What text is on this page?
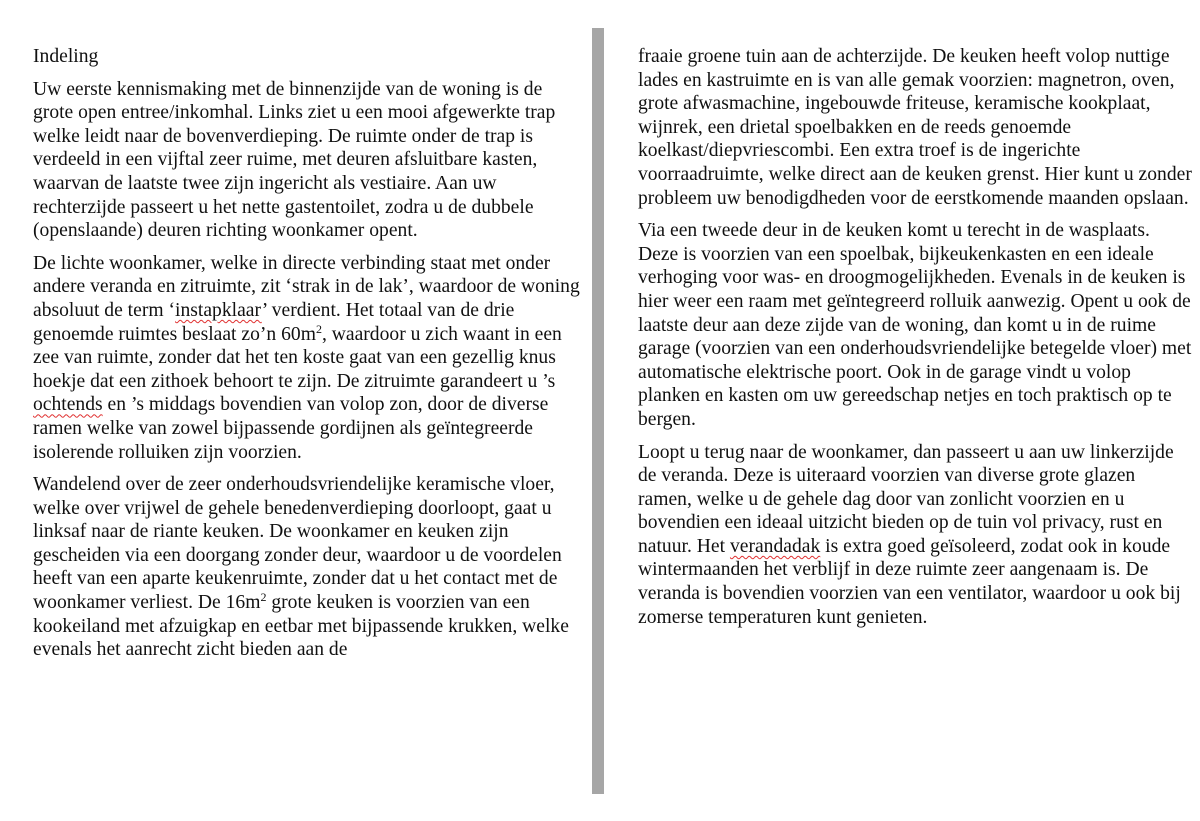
Indeling

Uw eerste kennismaking met de binnenzijde van de woning is de grote open entree/inkomhal. Links ziet u een mooi afgewerkte trap welke leidt naar de bovenverdieping. De ruimte onder de trap is verdeeld in een vijftal zeer ruime, met deuren afsluitbare kasten, waarvan de laatste twee zijn ingericht als vestiaire. Aan uw rechterzijde passeert u het nette gastentoilet, zodra u de dubbele (openslaande) deuren richting woonkamer opent.

De lichte woonkamer, welke in directe verbinding staat met onder andere veranda en zitruimte, zit ‘strak in de lak’, waardoor de woning absoluut de term ‘instapklaar’ verdient. Het totaal van de drie genoemde ruimtes beslaat zo’n $60m^2$, waardoor u zich waant in een zee van ruimte, zonder dat het ten koste gaat van een gezellig knus hoekje dat een zithoek behoort te zijn. De zitruimte garandeert u ’s ochtends en ’s middags bovendien van volop zon, door de diverse ramen welke van zowel bijpassende gordijnen als geïntegreerde isolerende rolluiken zijn voorzien.

Wandelend over de zeer onderhoudsvriendelijke keramische vloer, welke over vrijwel de gehele benedenverdieping doorloopt, gaat u linksaf naar de riante keuken. De woonkamer en keuken zijn gescheiden via een doorgang zonder deur, waardoor u de voordelen heeft van een aparte keukenruimte, zonder dat u het contact met de woonkamer verliest. De $16m^2$ grote keuken is voorzien van een kookeiland met afzuigkap en eetbar met bijpassende krukken, welke evenals het aanrecht zicht bieden aan de

fraaie groene tuin aan de achterzijde. De keuken heeft volop nuttige lades en kastruimte en is van alle gemak voorzien: magnetron, oven, grote afwasmachine, ingebouwde friteuse, keramische kookplaat, wijnrek, een drietal spoelbakken en de reeds genoemde koelkast/diepvriescombi. Een extra troef is de ingerichte voorraadruimte, welke direct aan de keuken grenst. Hier kunt u zonder probleem uw benodigdheden voor de eerstkomende maanden opslaan.

Via een tweede deur in de keuken komt u terecht in de wasplaats. Deze is voorzien van een spoelbak, bijkeukenkasten en een ideale verhoging voor was- en droogmogelijkheden. Evenals in de keuken is hier weer een raam met geïntegreerd rolluik aanwezig. Opent u ook de laatste deur aan deze zijde van de woning, dan komt u in de ruime garage (voorzien van een onderhoudsvriendelijke betegelde vloer) met automatische elektrische poort. Ook in de garage vindt u volop planken en kasten om uw gereedschap netjes en toch praktisch op te bergen.

Loopt u terug naar de woonkamer, dan passeert u aan uw linkerzijde de veranda. Deze is uiteraard voorzien van diverse grote glazen ramen, welke u de gehele dag door van zonlicht voorzien en u bovendien een ideaal uitzicht bieden op de tuin vol privacy, rust en natuur. Het verandadak is extra goed geïsoleerd, zodat ook in koude wintermaanden het verblijf in deze ruimte zeer aangenaam is. De veranda is bovendien voorzien van een ventilator, waardoor u ook bij zomerse temperaturen kunt genieten.
